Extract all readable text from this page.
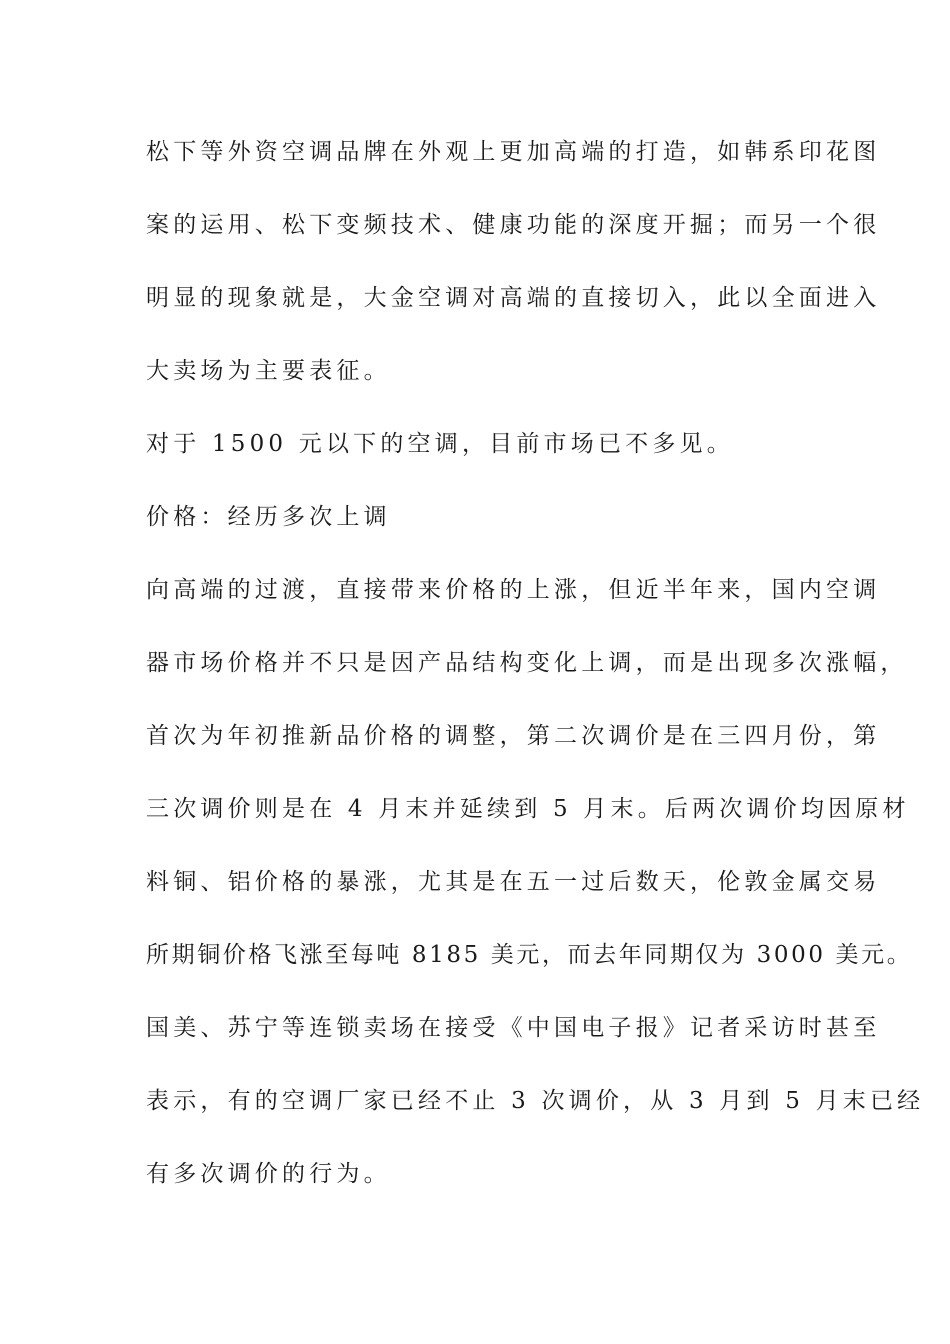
松下等外资空调品牌在外观上更加高端的打造，如韩系印花图
案的运用、松下变频技术、健康功能的深度开掘；而另一个很
明显的现象就是，大金空调对高端的直接切入，此以全面进入
大卖场为主要表征。
对于 1500 元以下的空调，目前市场已不多见。
价格：经历多次上调
向高端的过渡，直接带来价格的上涨，但近半年来，国内空调
器市场价格并不只是因产品结构变化上调，而是出现多次涨幅，
首次为年初推新品价格的调整，第二次调价是在三四月份，第
三次调价则是在 4 月末并延续到 5 月末。后两次调价均因原材
料铜、铝价格的暴涨，尤其是在五一过后数天，伦敦金属交易
所期铜价格飞涨至每吨 8185 美元，而去年同期仅为 3000 美元。
国美、苏宁等连锁卖场在接受《中国电子报》记者采访时甚至
表示，有的空调厂家已经不止 3 次调价，从 3 月到 5 月末已经
有多次调价的行为。
